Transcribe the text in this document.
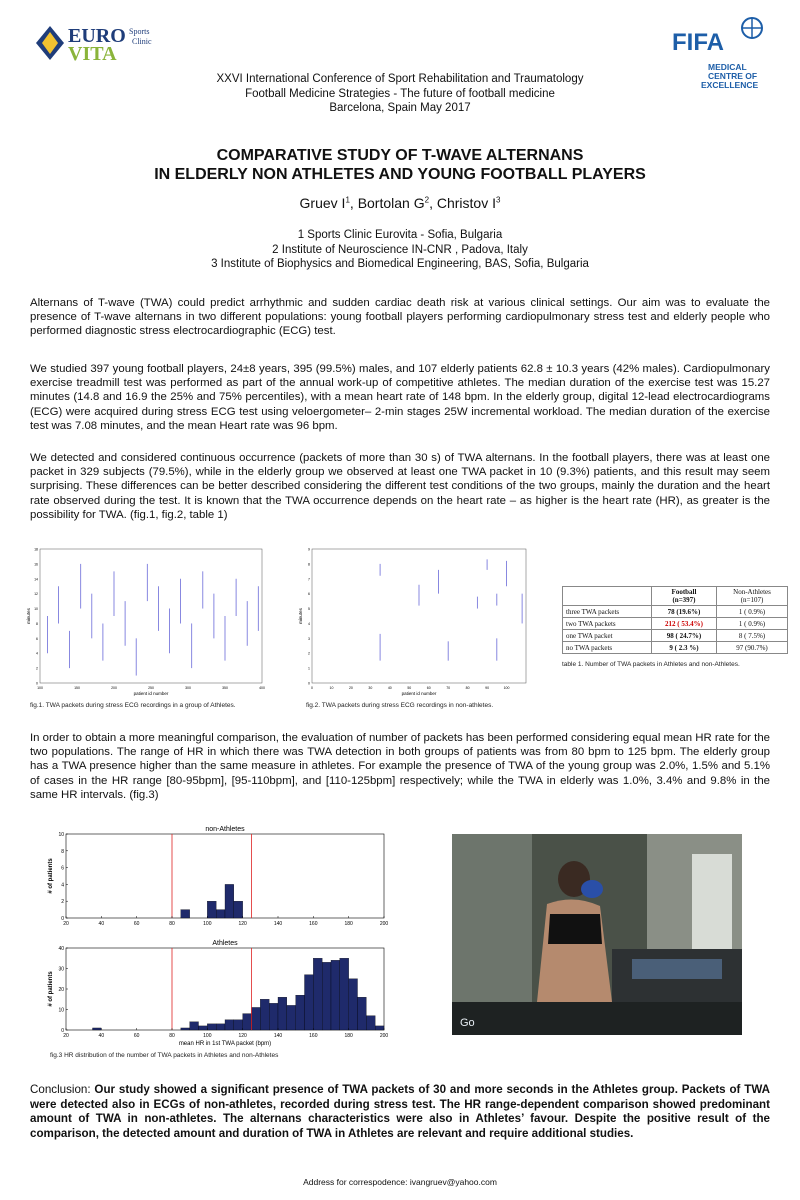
EURO
VITA
Sports
Clinic	FIFA
MEDICAL
CENTRE OF
EXCELLENCE
XXVI International Conference of Sport Rehabilitation and Traumatology
Football Medicine Strategies - The future of football medicine
Barcelona, Spain May 2017
COMPARATIVE STUDY OF T-WAVE ALTERNANS
IN ELDERLY NON ATHLETES AND YOUNG FOOTBALL PLAYERS
Gruev $I^1$, Bortolan $G^2$, Christov $I^3$
1 Sports Clinic Eurovita - Sofia, Bulgaria
2 Institute of Neuroscience IN-CNR , Padova, Italy
3 Institute of Biophysics and Biomedical Engineering, BAS, Sofia, Bulgaria
Alternans of T-wave (TWA) could predict arrhythmic and sudden cardiac death risk at various clinical settings. Our aim was to evaluate the presence of T-wave alternans in two different populations: young football players performing cardiopulmonary stress test and elderly people who performed diagnostic stress electrocardiographic (ECG) test.
We studied 397 young football players, 24±8 years, 395 (99.5%) males, and 107 elderly patients 62.8 ± 10.3 years (42% males). Cardiopulmonary exercise treadmill test was performed as part of the annual work-up of competitive athletes. The median duration of the exercise test was 15.27 minutes (14.8 and 16.9 the 25% and 75% percentiles), with a mean heart rate of 148 bpm. In the elderly group, digital 12-lead electrocardiograms (ECG) were acquired during stress ECG test using veloergometer– 2-min stages 25W incremental workload. The median duration of the exercise test was 7.08 minutes, and the mean Heart rate was 96 bpm.
We detected and considered continuous occurrence (packets of more than 30 s) of TWA alternans. In the football players, there was at least one packet in 329 subjects (79.5%), while in the elderly group we observed at least one TWA packet in 10 (9.3%) patients, and this result may seem surprising. These differences can be better described considering the different test conditions of the two groups, mainly the duration and the heart rate observed during the test. It is known that the TWA occurrence depends on the heart rate – as higher is the heart rate (HR), as greater is the possibility for TWA. (fig.1, fig.2, table 1)
100	150	200	250	300	350	400
0
2
4
6
8
10
12
14
16
18
patient id number
minutes
fig.1. TWA packets during stress ECG recordings in a group of Athletes.
0	10	20	30	40	50	60	70	80	90	100
0
1
2
3
4
5
6
7
8
9
patient id number
minutes
fig.2. TWA packets during stress ECG recordings in non-athletes.
	Football
(n=397)	Non-Athletes
(n=107)
three TWA packets	78 (19.6%)	1 ( 0.9%)
two TWA packets	212 ( 53.4%)	1 ( 0.9%)
one TWA packet	98 ( 24.7%)	8 ( 7.5%)
no TWA packets	9 ( 2.3 %)	97 (90.7%)
table 1. Number of TWA packets in Athletes and non-Athletes.
In order to obtain a more meaningful comparison, the evaluation of number of packets has been performed considering equal mean HR rate for the two populations. The range of HR in which there was TWA detection in both groups of patients was from 80 bpm to 125 bpm. The elderly group has a TWA presence higher than the same measure in athletes. For example the presence of TWA of the young group was 2.0%, 1.5% and 5.1% of cases in the HR range [80-95bpm], [95-110bpm], and [110-125bpm] respectively; while the TWA in elderly was 1.0%, 3.4% and 9.8% in the same HR intervals. (fig.3)
non-Athletes
20	40	60	80	100	120	140	160	180	200
0
2
4
6
8
10
# of patients
Athletes
20	40	60	80	100	120	140	160	180	200
0
10
20
30
40
# of patients
mean HR in 1st TWA packet (bpm)
fig.3 HR distribution of the number of TWA packets in Athletes and non-Athletes
Go
Conclusion: Our study showed a significant presence of TWA packets of 30 and more seconds in the Athletes group. Packets of TWA were detected also in ECGs of non-athletes, recorded during stress test. The HR range-dependent comparison showed predominant amount of TWA in non-athletes. The alternans characteristics were also in Athletes’ favour. Despite the positive result of the comparison, the detected amount and duration of TWA in Athletes are relevant and require additional studies.
Address for correspodence: ivangruev@yahoo.com
